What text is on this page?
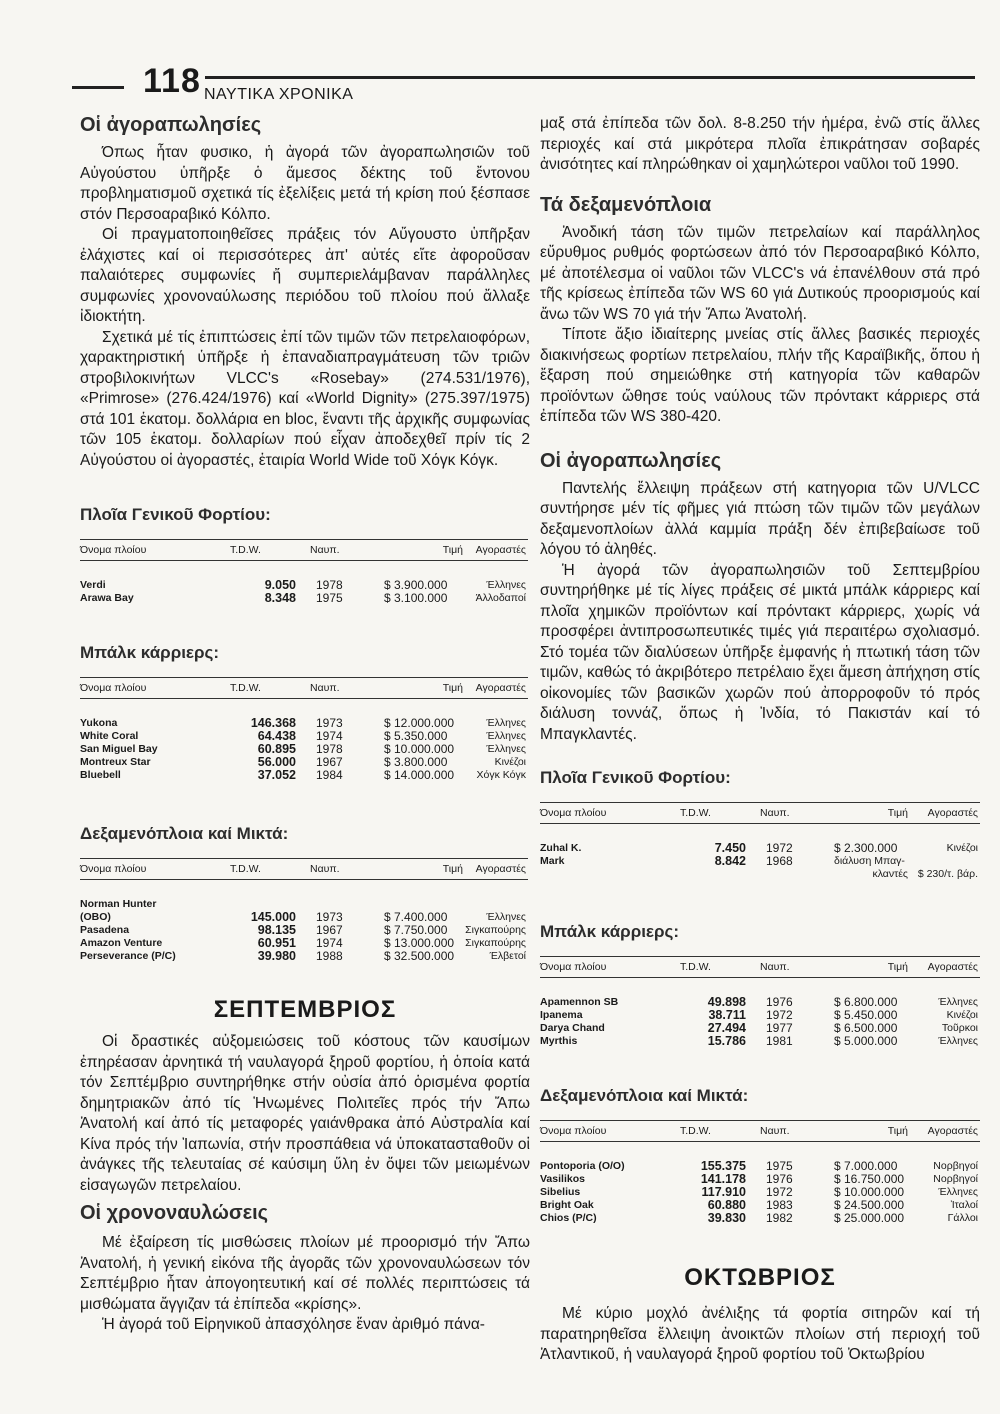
118 ΝΑΥΤΙΚΑ ΧΡΟΝΙΚΑ
Οἱ ἀγοραπωλησίες

Όπως ἦταν φυσικο, ἡ ἀγορά τῶν ἀγοραπωλησιῶν τοῦ Αὐγούστου ὑπῆρξε ὁ ἄμεσος δέκτης τοῦ ἔντονου προβληματισμοῦ σχετικά τίς ἐξελίξεις μετά τή κρίση πού ξέσπασε στόν Περσοαραβικό Κόλπο.

Οἱ πραγματοποιηθεῖσες πράξεις τόν Αὔγουστο ὑπῆρξαν ἐλάχιστες καί οἱ περισσότερες ἀπ' αὐτές εἴτε ἀφοροῦσαν παλαιότερες συμφωνίες ἤ συμπεριελάμβαναν παράλληλες συμφωνίες χρονοναύλωσης περιόδου τοῦ πλοίου πού ἄλλαξε ἰδιοκτήτη.

Σχετικά μέ τίς ἐπιπτώσεις ἐπί τῶν τιμῶν τῶν πετρελαιοφόρων, χαρακτηριστική ὑπῆρξε ἡ ἐπαναδιαπραγμάτευση τῶν τριῶν στροβιλοκινήτων VLCC's «Rosebay» (274.531/1976), «Primrose» (276.424/1976) καί «World Dignity» (275.397/1975) στά 101 ἑκατομ. δολλάρια en bloc, ἔναντι τῆς ἀρχικῆς συμφωνίας τῶν 105 ἑκατομ. δολλαρίων πού εἶχαν ἀποδεχθεῖ πρίν τίς 2 Αὐγούστου οἱ ἀγοραστές, ἑταιρία World Wide τοῦ Χόγκ Κόγκ.

Πλοῖα Γενικοῦ Φορτίου:
Όνομα πλοίου	T.D.W.	Ναυπ.	Τιμή	Αγοραστές

Verdi	9.050	1978	$ 3.900.000	Έλληνες
Arawa Bay	8.348	1975	$ 3.100.000	Άλλοδαποί
Μπάλκ κάρριερς:
Όνομα πλοίου	T.D.W.	Ναυπ.	Τιμή	Αγοραστές

Yukona	146.368	1973	$ 12.000.000	Έλληνες
White Coral	64.438	1974	$ 5.350.000	Έλληνες
San Miguel Bay	60.895	1978	$ 10.000.000	Έλληνες
Montreux Star	56.000	1967	$ 3.800.000	Κινέζοι
Bluebell	37.052	1984	$ 14.000.000	Χόγκ Κόγκ
Δεξαμενόπλοια καί Μικτά:
Όνομα πλοίου	T.D.W.	Ναυπ.	Τιμή	Αγοραστές

Norman Hunter				
(OBO)	145.000	1973	$ 7.400.000	Έλληνες
Pasadena	98.135	1967	$ 7.750.000	Σιγκαπούρης
Amazon Venture	60.951	1974	$ 13.000.000	Σιγκαπούρης
Perseverance (P/C)	39.980	1988	$ 32.500.000	Έλβετοί
ΣΕΠΤΕΜΒΡΙΟΣ

Οἱ δραστικές αὐξομειώσεις τοῦ κόστους τῶν καυσίμων ἐπηρέασαν ἀρνητικά τή ναυλαγορά ξηροῦ φορτίου, ἡ ὁποία κατά τόν Σεπτέμβριο συντηρήθηκε στήν οὐσία ἀπό ὁρισμένα φορτία δημητριακῶν ἀπό τίς Ἡνωμένες Πολιτεῖες πρός τήν Ἄπω Ἀνατολή καί ἀπό τίς μεταφορές γαιάνθρακα ἀπό Αὐστραλία καί Κίνα πρός τήν Ἰαπωνία, στήν προσπάθεια νά ὑποκατασταθοῦν οἱ ἀνάγκες τῆς τελευταίας σέ καύσιμη ὕλη ἐν ὄψει τῶν μειωμένων εἰσαγωγῶν πετρελαίου.

Οἱ χρονοναυλώσεις

Μέ ἐξαίρεση τίς μισθώσεις πλοίων μέ προορισμό τήν Ἄπω Ἀνατολή, ἡ γενική εἰκόνα τῆς ἀγορᾶς τῶν χρονοναυλώσεων τόν Σεπτέμβριο ἦταν ἀπογοητευτική καί σέ πολλές περιπτώσεις τά μισθώματα ἄγγιζαν τά ἐπίπεδα «κρίσης».

Ἡ ἀγορά τοῦ Εἰρηνικοῦ ἀπασχόλησε ἕναν ἀριθμό πάνα-

μαξ στά ἐπίπεδα τῶν δολ. 8-8.250 τήν ἡμέρα, ἐνῶ στίς ἄλλες περιοχές καί στά μικρότερα πλοῖα ἐπικράτησαν σοβαρές ἀνισότητες καί πληρώθηκαν οἱ χαμηλώτεροι ναῦλοι τοῦ 1990.

Τά δεξαμενόπλοια

Ἀνοδική τάση τῶν τιμῶν πετρελαίων καί παράλληλος εὔρυθμος ρυθμός φορτώσεων ἀπό τόν Περσοαραβικό Κόλπο, μέ ἀποτέλεσμα οἱ ναῦλοι τῶν VLCC's νά ἐπανέλθουν στά πρό τῆς κρίσεως ἐπίπεδα τῶν WS 60 γιά Δυτικούς προορισμούς καί ἄνω τῶν WS 70 γιά τήν Ἄπω Ἀνατολή.

Τίποτε ἄξιο ἰδιαίτερης μνείας στίς ἄλλες βασικές περιοχές διακινήσεως φορτίων πετρελαίου, πλήν τῆς Καραϊβικῆς, ὅπου ἡ ἔξαρση πού σημειώθηκε στή κατηγορία τῶν καθαρῶν προϊόντων ὤθησε τούς ναύλους τῶν πρόντακτ κάρριερς στά ἐπίπεδα τῶν WS 380-420.

Οἱ ἀγοραπωλησίες

Παντελής ἔλλειψη πράξεων στή κατηγορια τῶν U/VLCC συντήρησε μέν τίς φῆμες γιά πτώση τῶν τιμῶν τῶν μεγάλων δεξαμενοπλοίων ἀλλά καμμία πράξη δέν ἐπιβεβαίωσε τοῦ λόγου τό ἀληθές.

Ἡ ἀγορά τῶν ἀγοραπωλησιῶν τοῦ Σεπτεμβρίου συντηρήθηκε μέ τίς λίγες πράξεις σέ μικτά μπάλκ κάρριερς καί πλοῖα χημικῶν προϊόντων καί πρόντακτ κάρριερς, χωρίς νά προσφέρει ἀντιπροσωπευτικές τιμές γιά περαιτέρω σχολιασμό. Στό τομέα τῶν διαλύσεων ὑπῆρξε ἐμφανής ἡ πτωτική τάση τῶν τιμῶν, καθώς τό ἀκριβότερο πετρέλαιο ἔχει ἄμεση ἀπήχηση στίς οἰκονομίες τῶν βασικῶν χωρῶν πού ἀπορροφοῦν τό πρός διάλυση τοννάζ, ὅπως ἡ Ἰνδία, τό Πακιστάν καί τό Μπαγκλαντές.

Πλοῖα Γενικοῦ Φορτίου:
Όνομα πλοίου	T.D.W.	Ναυπ.	Τιμή	Αγοραστές

Zuhal K.	7.450	1972	$ 2.300.000	Κινέζοι
Mark	8.842	1968	διάλυση Μπαγ-	
			κλαντές	$ 230/τ. βάρ.
Μπάλκ κάρριερς:
Όνομα πλοίου	T.D.W.	Ναυπ.	Τιμή	Αγοραστές

Apamennon SB	49.898	1976	$ 6.800.000	Έλληνες
Ipanema	38.711	1972	$ 5.450.000	Κινέζοι
Darya Chand	27.494	1977	$ 6.500.000	Τοῦρκοι
Myrthis	15.786	1981	$ 5.000.000	Έλληνες
Δεξαμενόπλοια καί Μικτά:
Όνομα πλοίου	T.D.W.	Ναυπ.	Τιμή	Αγοραστές

Pontoporia (O/O)	155.375	1975	$ 7.000.000	Νορβηγοί
Vasilikos	141.178	1976	$ 16.750.000	Νορβηγοί
Sibelius	117.910	1972	$ 10.000.000	Έλληνες
Bright Oak	60.880	1983	$ 24.500.000	Ἰταλοί
Chios (P/C)	39.830	1982	$ 25.000.000	Γάλλοι
ΟΚΤΩΒΡΙΟΣ

Μέ κύριο μοχλό ἀνέλιξης τά φορτία σιτηρῶν καί τή παρατηρηθεῖσα ἔλλειψη ἀνοικτῶν πλοίων στή περιοχή τοῦ Ἀτλαντικοῦ, ἡ ναυλαγορά ξηροῦ φορτίου τοῦ Ὀκτωβρίου
